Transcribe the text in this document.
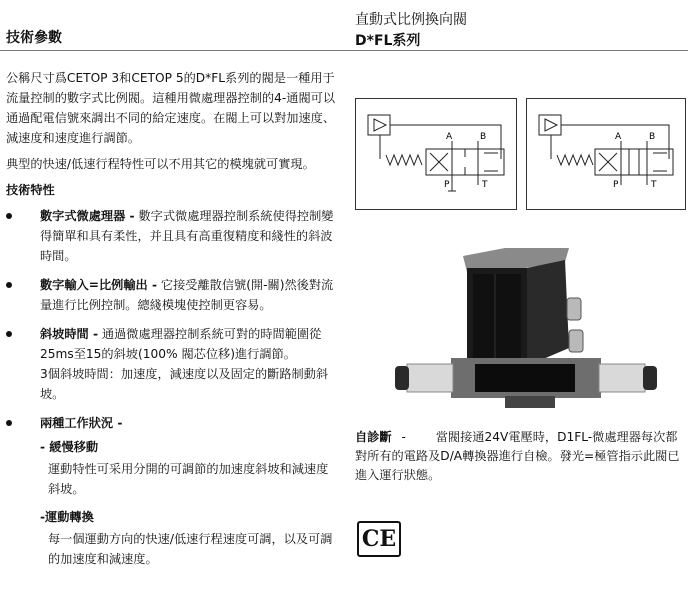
技術參數
直動式比例換向閥
D*FL系列

公稱尺寸爲CETOP 3和CETOP 5的D*FL系列的閥是一種用于流量控制的數字式比例閥。這種用微處理器控制的4-通閥可以通過配電信號來調出不同的給定速度。在閥上可以對加速度、減速度和速度進行調節。

典型的快速/低速行程特性可以不用其它的模塊就可實現。

技術特性
數字式微處理器 - 數字式微處理器控制系統使得控制變得簡單和具有柔性，并且具有高重復精度和綫性的斜波時間。
數字輸入=比例輸出 - 它接受離散信號(開-關)然後對流量進行比例控制。總綫模塊使控制更容易。
斜坡時間 - 通過微處理器控制系統可對的時間範圍從25ms至15的斜坡(100% 閥芯位移)進行調節。
3個斜坡時間：加速度，減速度以及固定的斷路制動斜坡。
兩種工作狀況 -
- 緩慢移動
運動特性可采用分開的可調節的加速度斜坡和減速度斜坡。
-運動轉換
每一個運動方向的快速/低速行程速度可調，以及可調的加速度和減速度。
A	B
P	T
A	B
P	T
自診斷 - 當閥接通24V電壓時，D1FL-微處理器每次都對所有的電路及D/A轉換器進行自檢。發光=極管指示此閥已進入運行狀態。
CE
